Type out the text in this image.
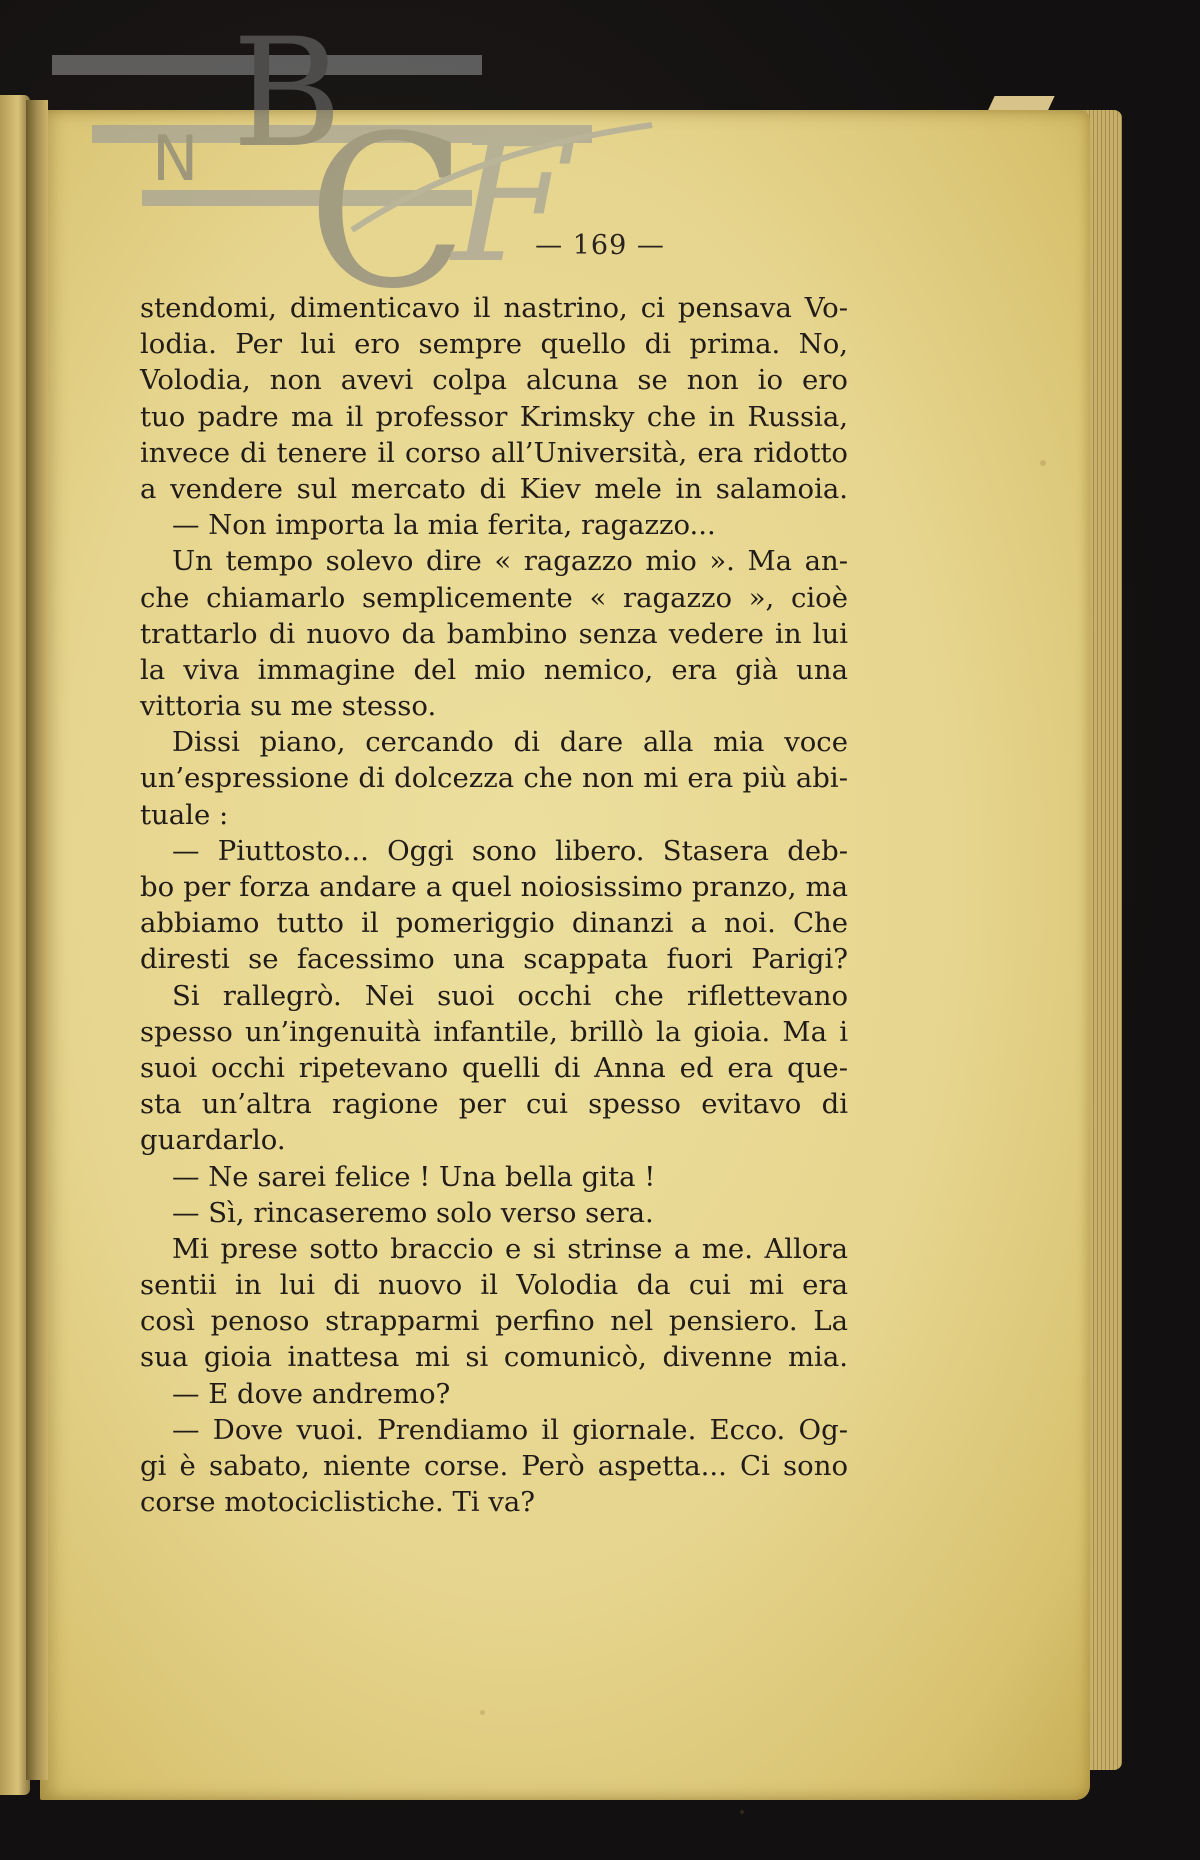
B
N C
F
— 169 —
stendomi, dimenticavo il nastrino, ci pensava Vo-
lodia. Per lui ero sempre quello di prima. No,
Volodia, non avevi colpa alcuna se non io ero
tuo padre ma il professor Krimsky che in Russia,
invece di tenere il corso all’Università, era ridotto
a vendere sul mercato di Kiev mele in salamoia.
— Non importa la mia ferita, ragazzo...
Un tempo solevo dire « ragazzo mio ». Ma an-
che chiamarlo semplicemente « ragazzo », cioè
trattarlo di nuovo da bambino senza vedere in lui
la viva immagine del mio nemico, era già una
vittoria su me stesso.
Dissi piano, cercando di dare alla mia voce
un’espressione di dolcezza che non mi era più abi-
tuale :
— Piuttosto... Oggi sono libero. Stasera deb-
bo per forza andare a quel noiosissimo pranzo, ma
abbiamo tutto il pomeriggio dinanzi a noi. Che
diresti se facessimo una scappata fuori Parigi?
Si rallegrò. Nei suoi occhi che riflettevano
spesso un’ingenuità infantile, brillò la gioia. Ma i
suoi occhi ripetevano quelli di Anna ed era que-
sta un’altra ragione per cui spesso evitavo di
guardarlo.
— Ne sarei felice ! Una bella gita !
— Sì, rincaseremo solo verso sera.
Mi prese sotto braccio e si strinse a me. Allora
sentii in lui di nuovo il Volodia da cui mi era
così penoso strapparmi perfino nel pensiero. La
sua gioia inattesa mi si comunicò, divenne mia.
— E dove andremo?
— Dove vuoi. Prendiamo il giornale. Ecco. Og-
gi è sabato, niente corse. Però aspetta... Ci sono
corse motociclistiche. Ti va?
